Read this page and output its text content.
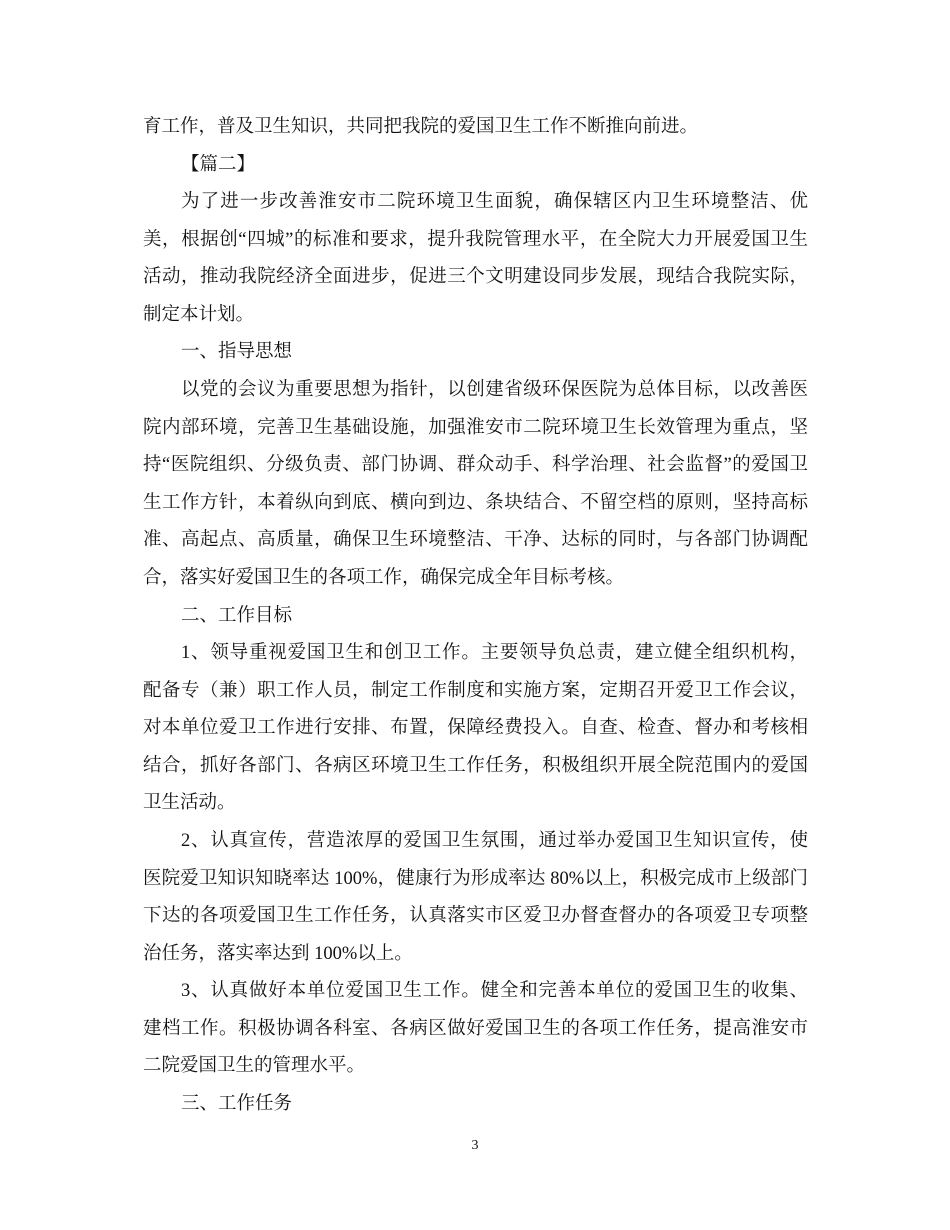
育工作，普及卫生知识，共同把我院的爱国卫生工作不断推向前进。
【篇二】
为了进一步改善淮安市二院环境卫生面貌，确保辖区内卫生环境整洁、优
美，根据创“四城”的标准和要求，提升我院管理水平，在全院大力开展爱国卫生
活动，推动我院经济全面进步，促进三个文明建设同步发展，现结合我院实际，
制定本计划。
一、指导思想
以党的会议为重要思想为指针，以创建省级环保医院为总体目标，以改善医
院内部环境，完善卫生基础设施，加强淮安市二院环境卫生长效管理为重点，坚
持“医院组织、分级负责、部门协调、群众动手、科学治理、社会监督”的爱国卫
生工作方针，本着纵向到底、横向到边、条块结合、不留空档的原则，坚持高标
准、高起点、高质量，确保卫生环境整洁、干净、达标的同时，与各部门协调配
合，落实好爱国卫生的各项工作，确保完成全年目标考核。
二、工作目标
1、领导重视爱国卫生和创卫工作。主要领导负总责，建立健全组织机构，
配备专（兼）职工作人员，制定工作制度和实施方案，定期召开爱卫工作会议，
对本单位爱卫工作进行安排、布置，保障经费投入。自查、检查、督办和考核相
结合，抓好各部门、各病区环境卫生工作任务，积极组织开展全院范围内的爱国
卫生活动。
2、认真宣传，营造浓厚的爱国卫生氛围，通过举办爱国卫生知识宣传，使
医院爱卫知识知晓率达 100%，健康行为形成率达 80%以上，积极完成市上级部门
下达的各项爱国卫生工作任务，认真落实市区爱卫办督查督办的各项爱卫专项整
治任务，落实率达到 100%以上。
3、认真做好本单位爱国卫生工作。健全和完善本单位的爱国卫生的收集、
建档工作。积极协调各科室、各病区做好爱国卫生的各项工作任务，提高淮安市
二院爱国卫生的管理水平。
三、工作任务
3
